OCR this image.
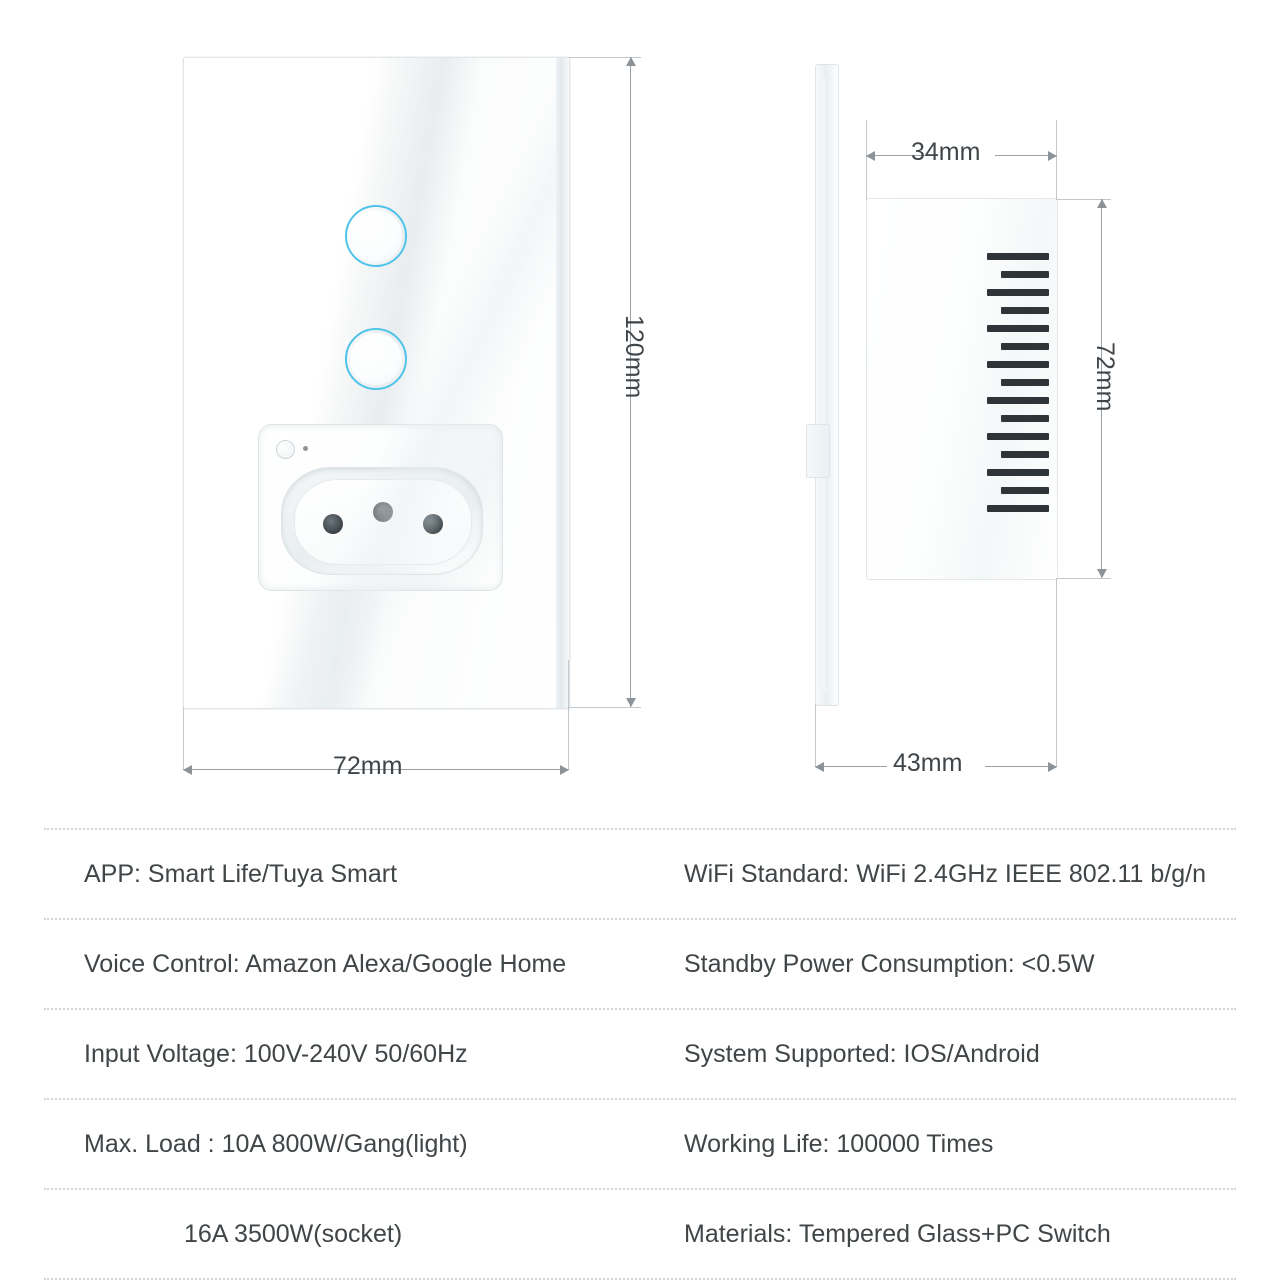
120mm
72mm
34mm
72mm
43mm
APP: Smart Life/Tuya Smart	WiFi Standard: WiFi 2.4GHz IEEE 802.11 b/g/n
Voice Control: Amazon Alexa/Google Home	Standby Power Consumption: <0.5W
Input Voltage: 100V-240V 50/60Hz	System Supported: IOS/Android
Max. Load : 10A 800W/Gang(light)	Working Life: 100000 Times
16A 3500W(socket)	Materials: Tempered Glass+PC Switch
